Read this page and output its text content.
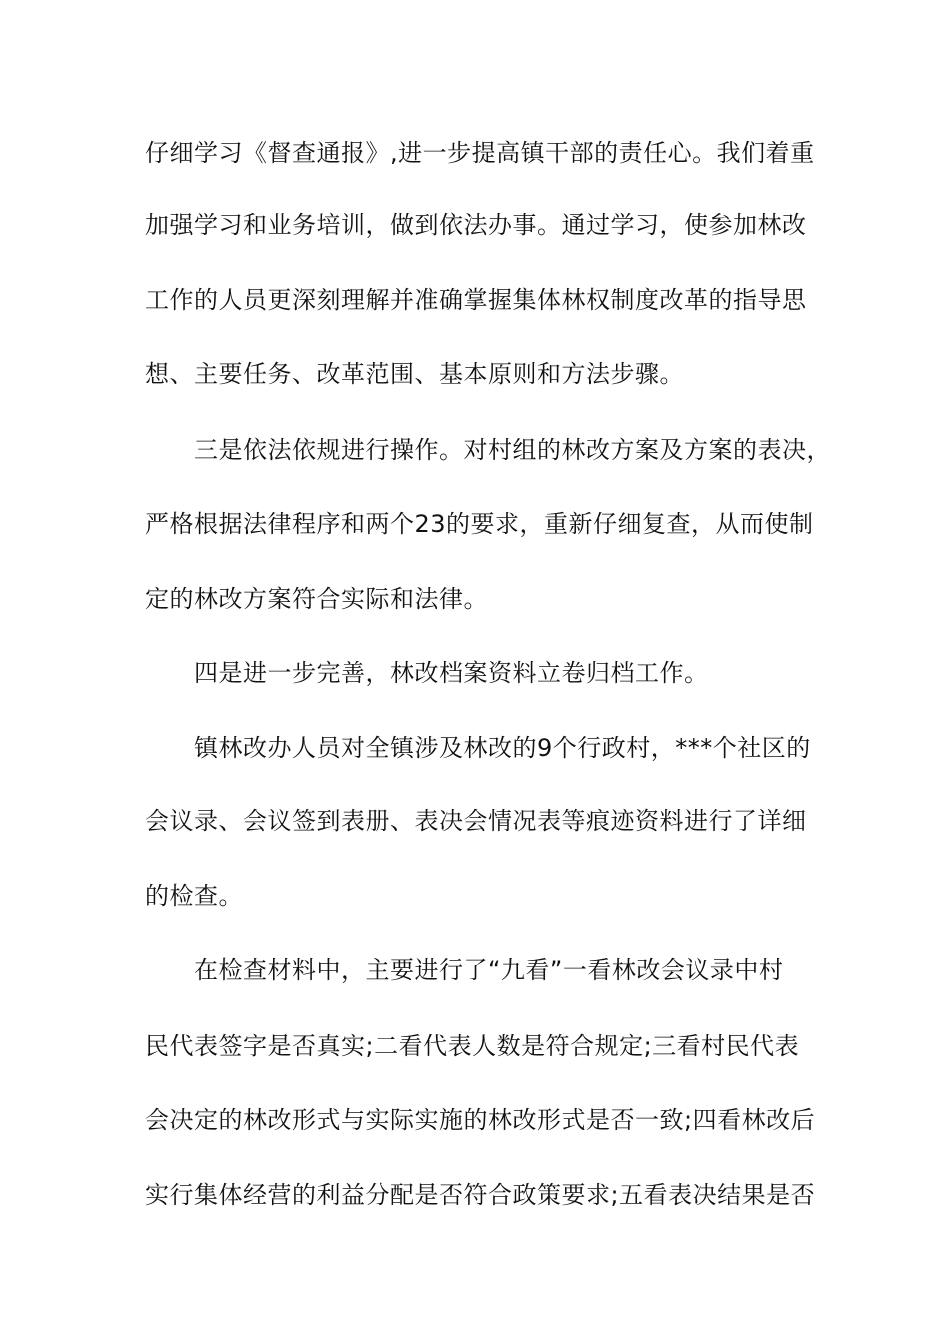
仔细学习《督查通报》,进一步提高镇干部的责任心。我们着重
加强学习和业务培训，做到依法办事。通过学习，使参加林改
工作的人员更深刻理解并准确掌握集体林权制度改革的指导思
想、主要任务、改革范围、基本原则和方法步骤。
三是依法依规进行操作。对村组的林改方案及方案的表决，
严格根据法律程序和两个23的要求，重新仔细复查，从而使制
定的林改方案符合实际和法律。
四是进一步完善，林改档案资料立卷归档工作。
镇林改办人员对全镇涉及林改的9个行政村，***个社区的
会议录、会议签到表册、表决会情况表等痕迹资料进行了详细
的检查。
在检查材料中，主要进行了“九看”一看林改会议录中村
民代表签字是否真实;二看代表人数是符合规定;三看村民代表
会决定的林改形式与实际实施的林改形式是否一致;四看林改后
实行集体经营的利益分配是否符合政策要求;五看表决结果是否
